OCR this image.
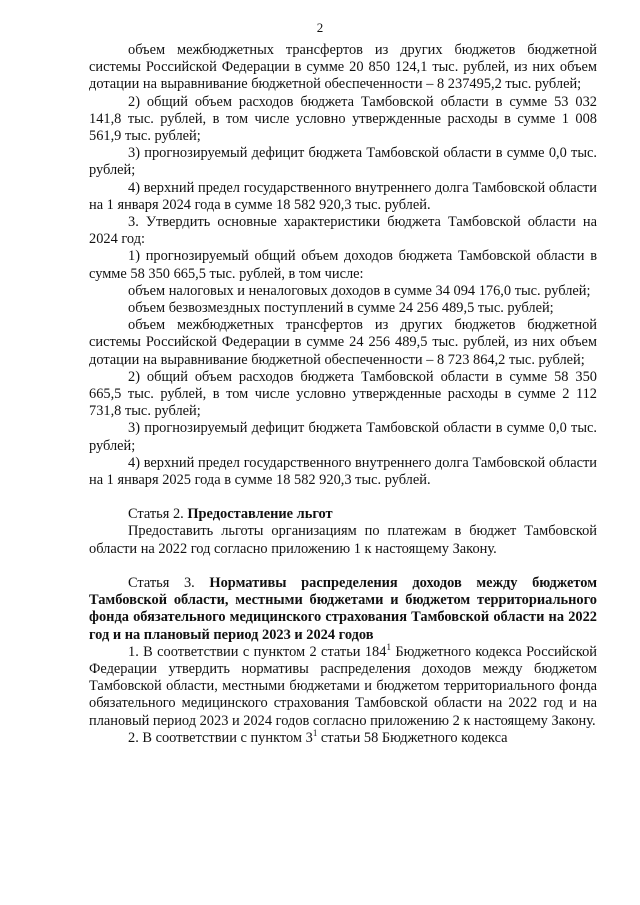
2

объем межбюджетных трансфертов из других бюджетов бюджетной системы Российской Федерации в сумме 20 850 124,1 тыс. рублей, из них объем дотации на выравнивание бюджетной обеспеченности – 8 237495,2 тыс. рублей;

2) общий объем расходов бюджета Тамбовской области в сумме 53 032 141,8 тыс. рублей, в том числе условно утвержденные расходы в сумме 1 008 561,9 тыс. рублей;

3) прогнозируемый дефицит бюджета Тамбовской области в сумме 0,0 тыс. рублей;

4) верхний предел государственного внутреннего долга Тамбовской области на 1 января 2024 года в сумме 18 582 920,3 тыс. рублей.

3. Утвердить основные характеристики бюджета Тамбовской области на 2024 год:

1) прогнозируемый общий объем доходов бюджета Тамбовской области в сумме 58 350 665,5 тыс. рублей, в том числе:

объем налоговых и неналоговых доходов в сумме 34 094 176,0 тыс. рублей;

объем безвозмездных поступлений в сумме 24 256 489,5 тыс. рублей;

объем межбюджетных трансфертов из других бюджетов бюджетной системы Российской Федерации в сумме 24 256 489,5 тыс. рублей, из них объем дотации на выравнивание бюджетной обеспеченности – 8 723 864,2 тыс. рублей;

2) общий объем расходов бюджета Тамбовской области в сумме 58 350 665,5 тыс. рублей, в том числе условно утвержденные расходы в сумме 2 112 731,8 тыс. рублей;

3) прогнозируемый дефицит бюджета Тамбовской области в сумме 0,0 тыс. рублей;

4) верхний предел государственного внутреннего долга Тамбовской области на 1 января 2025 года в сумме 18 582 920,3 тыс. рублей.

Статья 2. Предоставление льгот

Предоставить льготы организациям по платежам в бюджет Тамбовской области на 2022 год согласно приложению 1 к настоящему Закону.

Статья 3. Нормативы распределения доходов между бюджетом Тамбовской области, местными бюджетами и бюджетом территориального фонда обязательного медицинского страхования Тамбовской области на 2022 год и на плановый период 2023 и 2024 годов

1. В соответствии с пунктом 2 статьи $184^1$ Бюджетного кодекса Российской Федерации утвердить нормативы распределения доходов между бюджетом Тамбовской области, местными бюджетами и бюджетом территориального фонда обязательного медицинского страхования Тамбовской области на 2022 год и на плановый период 2023 и 2024 годов согласно приложению 2 к настоящему Закону.

2. В соответствии с пунктом $3^1$ статьи 58 Бюджетного кодекса
